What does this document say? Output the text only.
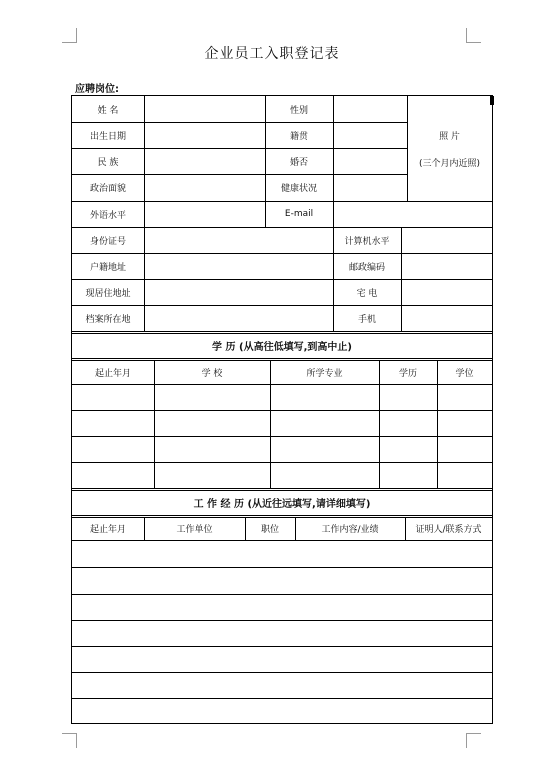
企业员工入职登记表
应聘岗位:
姓 名	性别
出生日期	籍贯
民 族	婚否
政治面貌	健康状况
照 片
(三个月内近照)
外语水平	E-mail
身份证号	计算机水平
户籍地址	邮政编码
现居住地址	宅 电
档案所在地	手机
学 历 (从高往低填写,到高中止)
起止年月	学 校	所学专业	学历	学位
工 作 经 历 (从近往远填写,请详细填写)
起止年月	工作单位	职位	工作内容/业绩	证明人/联系方式
